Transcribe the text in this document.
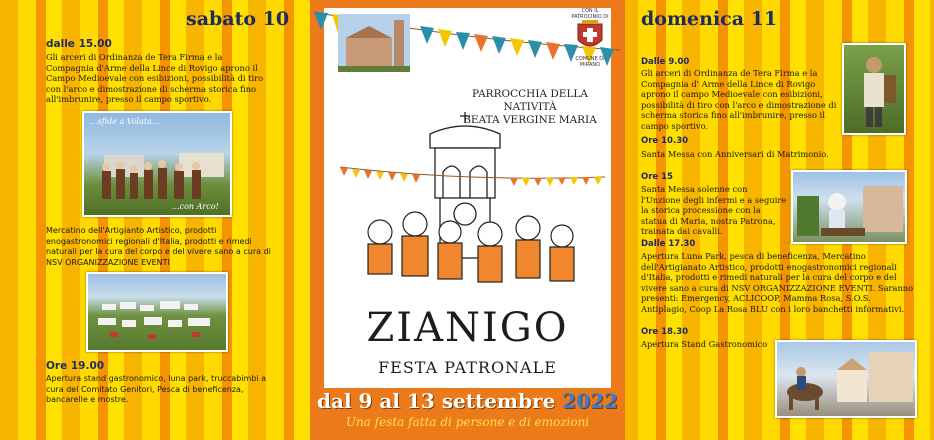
sabato 10
dalle 15.00
Gli arceri di Ordinanza de Tera Firma e la Compagnia d'Arme della Lince di Rovigo aprono il Campo Medioevale con esibizioni, possibilità di tiro con l'arco e dimostrazione di scherma storica fino all'imbrunire, presso il campo sportivo.
...sfide a Volata...
...con Arco!
Mercatino dell'Artigianto Artistico, prodotti enogastronomici regionali d'Italia, prodotti e rimedi naturali per la cura del corpo e del vivere sano a cura di NSV ORGANIZZAZIONE EVENTI
Ore 19.00
Apertura stand gastronomico, luna park, truccabimbi a cura del Comitato Genitori, Pesca di beneficenza, bancarelle e mostre.
PARROCCHIA DELLA NATIVITÀ
BEATA VERGINE MARIA
ZIANIGO
FESTA PATRONALE
dal 9 al 13 settembre 2022
Una festa fatta di persone e di emozioni
CON IL PATROCINIO DI
COMUNE DI MIRANO
domenica 11
Dalle 9.00
Gli arceri di Ordinanza de Tera Firma e la Compagnia d' Arme della Lince di Rovigo aprono il campo Medioevale con esibizioni, possibilità di tiro con l'arco e dimostrazione di scherma storica fino all'imbrunire, presso il campo sportivo.
Ore 10.30
Santa Messa con Anniversari di Matrimonio.
Ore 15
Santa Messa solenne con l'Unzione degli infermi e a seguire la storica processione con la statua di Maria, nostra Patrona, trainata dai cavalli.
Dalle 17.30
Apertura Luna Park, pesca di beneficenza, Mercatino dell'Artigianato Artistico, prodotti enogastronomici regionali d'Italia, prodotti e rimedi naturali per la cura del corpo e del vivere sano a cura di NSV ORGANIZZAZIONE EVENTI. Saranno presenti: Emergency, ACLICOOP, Mamma Rosa, S.O.S. Antiplagio, Coop La Rosa BLU con i loro banchetti informativi.
Ore 18.30
Apertura Stand Gastronomico
